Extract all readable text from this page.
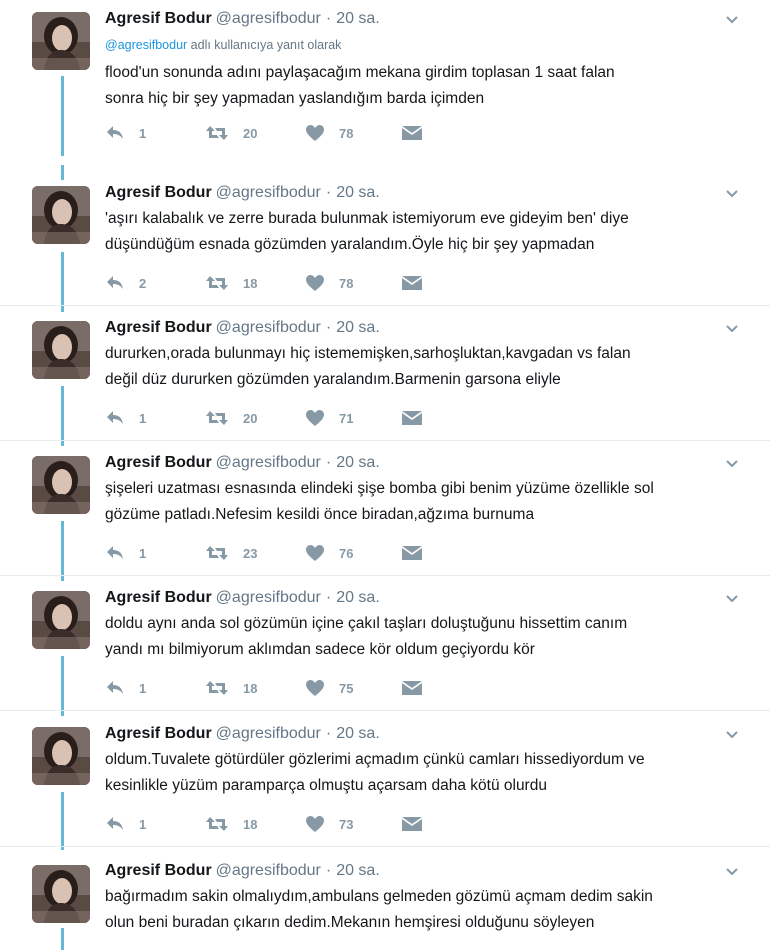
Agresif Bodur @agresifbodur · 20 sa.
@agresifbodur adlı kullanıcıya yanıt olarak
flood'un sonunda adını paylaşacağım mekana girdim toplasan 1 saat falan
sonra hiç bir şey yapmadan yaslandığım barda içimden
1	20	78
Agresif Bodur @agresifbodur · 20 sa.
'aşırı kalabalık ve zerre burada bulunmak istemiyorum eve gideyim ben' diye
düşündüğüm esnada gözümden yaralandım.Öyle hiç bir şey yapmadan
2	18	78
Agresif Bodur @agresifbodur · 20 sa.
dururken,orada bulunmayı hiç istememişken,sarhoşluktan,kavgadan vs falan
değil düz dururken gözümden yaralandım.Barmenin garsona eliyle
1	20	71
Agresif Bodur @agresifbodur · 20 sa.
şişeleri uzatması esnasında elindeki şişe bomba gibi benim yüzüme özellikle sol
gözüme patladı.Nefesim kesildi önce biradan,ağzıma burnuma
1	23	76
Agresif Bodur @agresifbodur · 20 sa.
doldu aynı anda sol gözümün içine çakıl taşları doluştuğunu hissettim canım
yandı mı bilmiyorum aklımdan sadece kör oldum geçiyordu kör
1	18	75
Agresif Bodur @agresifbodur · 20 sa.
oldum.Tuvalete götürdüler gözlerimi açmadım çünkü camları hissediyordum ve
kesinlikle yüzüm paramparça olmuştu açarsam daha kötü olurdu
1	18	73
Agresif Bodur @agresifbodur · 20 sa.
bağırmadım sakin olmalıydım,ambulans gelmeden gözümü açmam dedim sakin
olun beni buradan çıkarın dedim.Mekanın hemşiresi olduğunu söyleyen
